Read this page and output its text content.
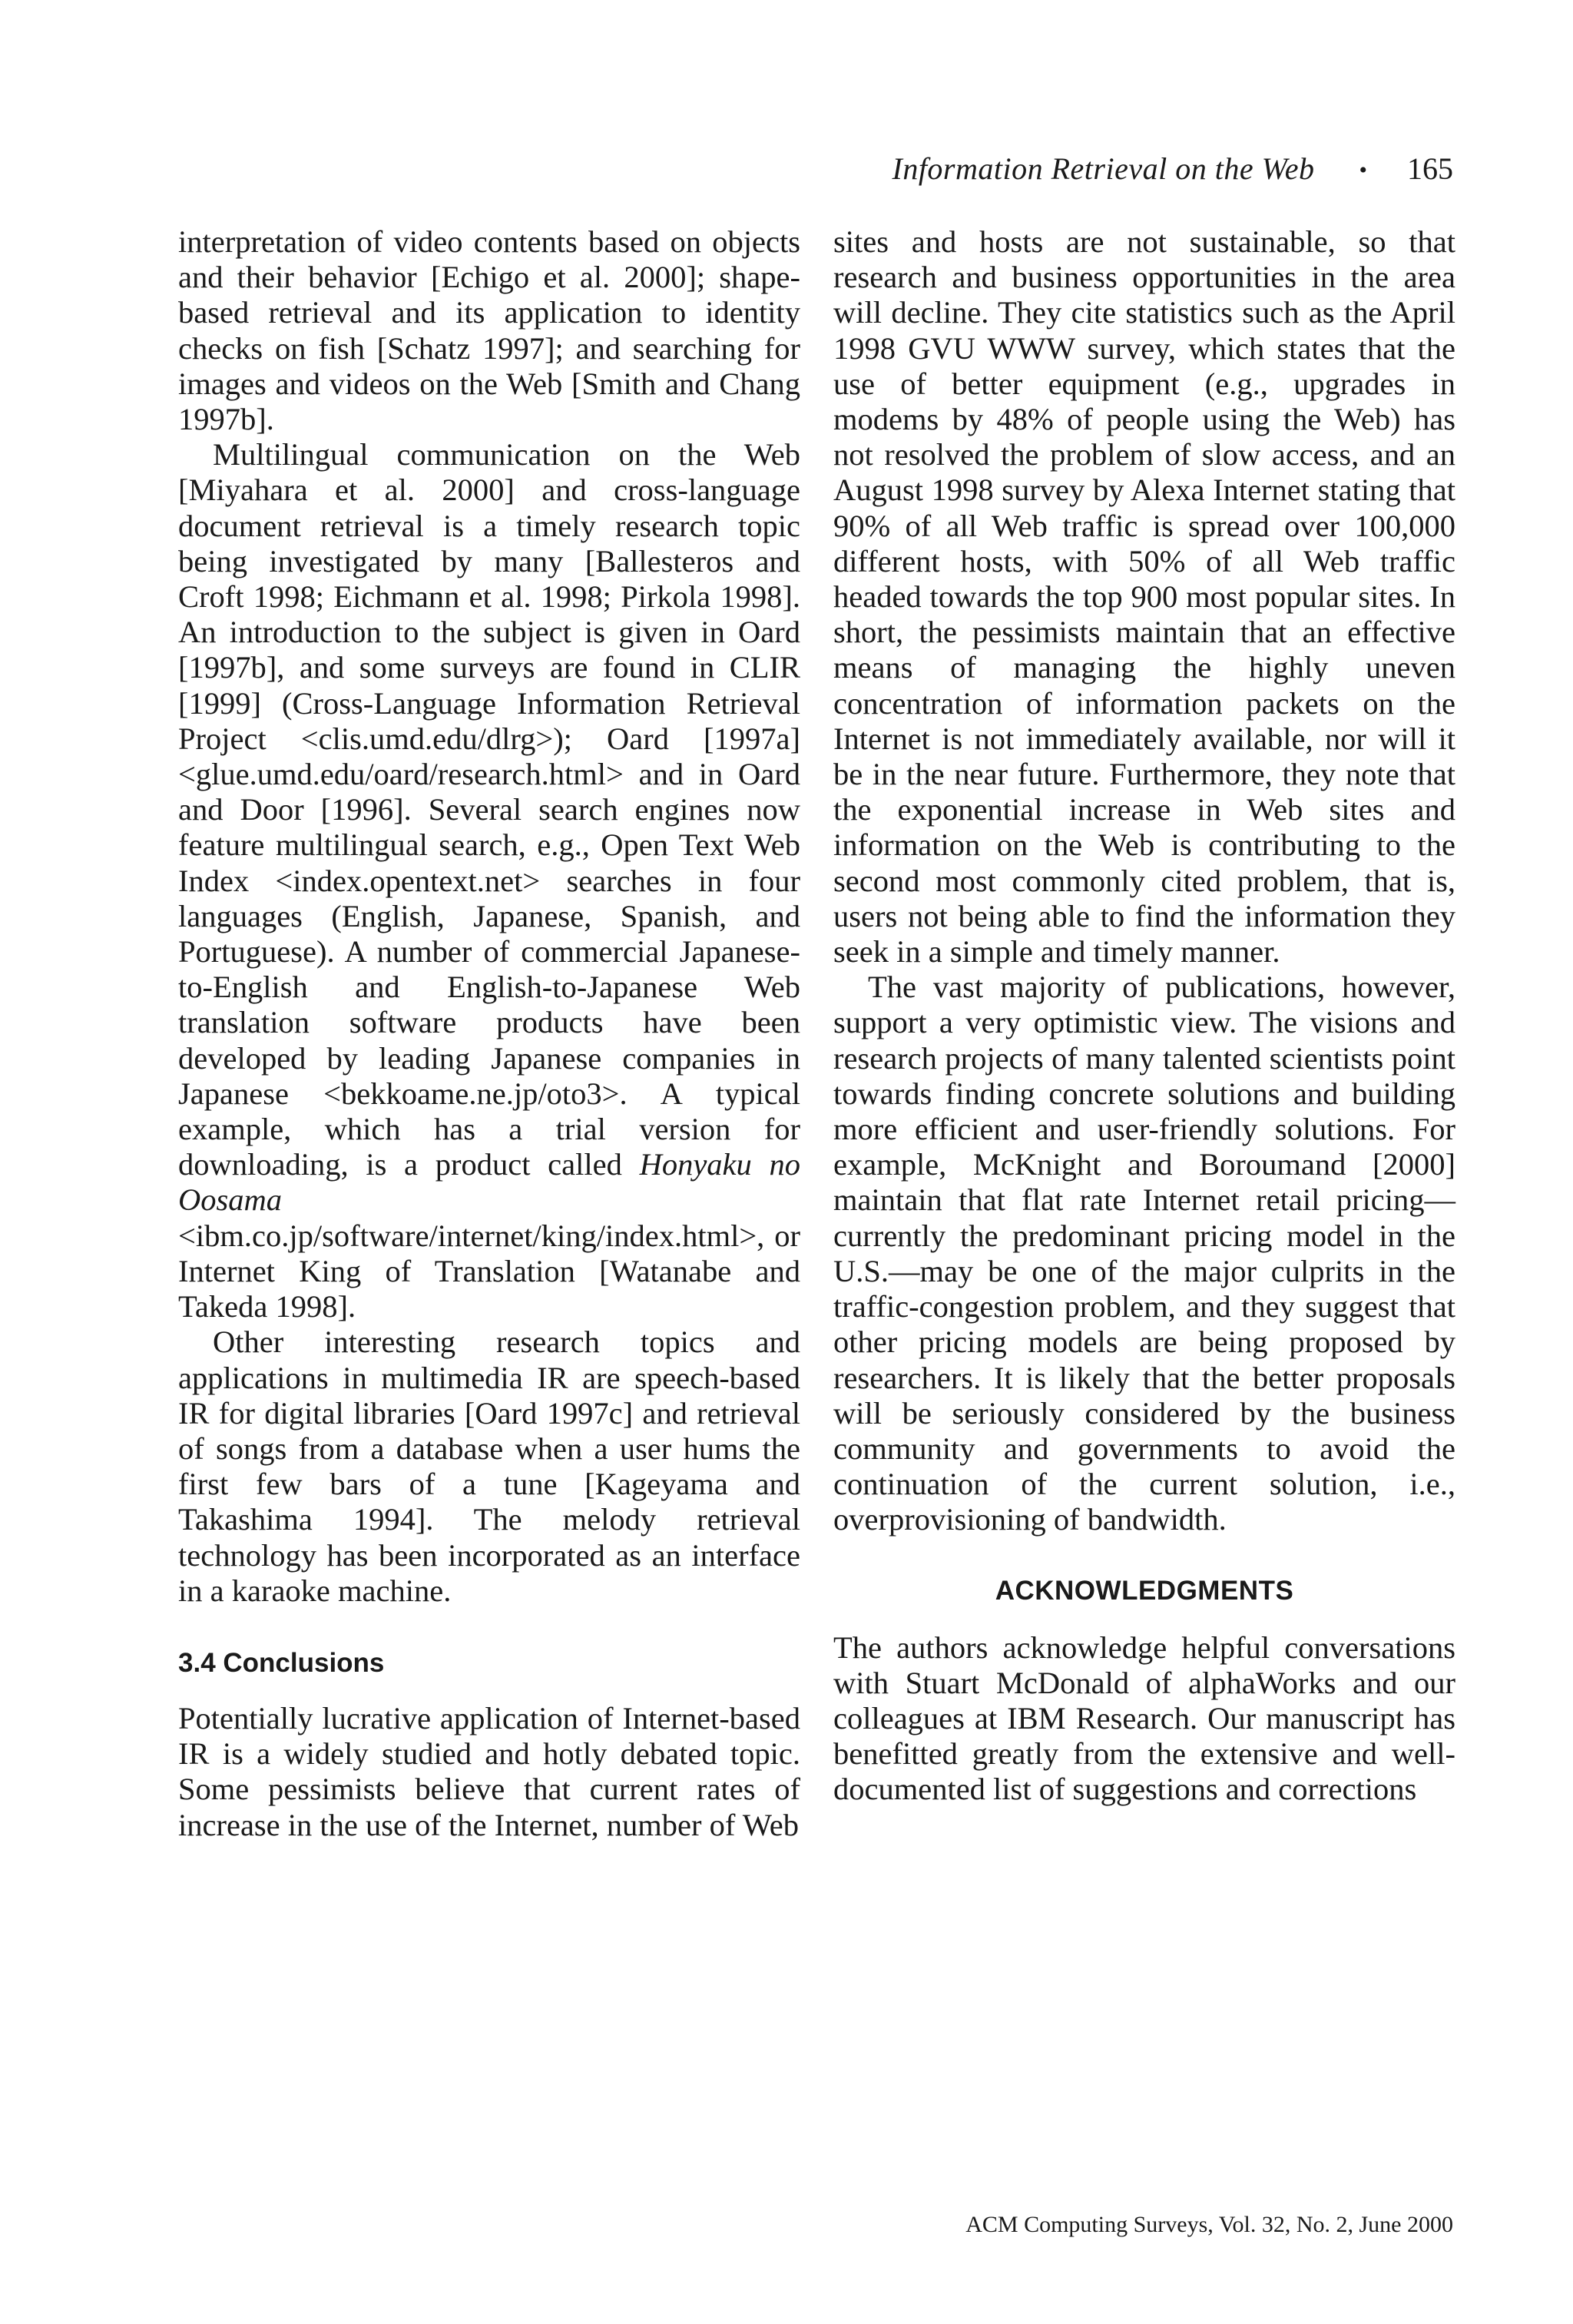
Information Retrieval on the Web • 165

interpretation of video contents based on objects and their behavior [Echigo et al. 2000]; shape-based retrieval and its application to identity checks on fish [Schatz 1997]; and searching for images and videos on the Web [Smith and Chang 1997b].

Multilingual communication on the Web [Miyahara et al. 2000] and cross-language document retrieval is a timely research topic being investigated by many [Ballesteros and Croft 1998; Eichmann et al. 1998; Pirkola 1998]. An introduction to the subject is given in Oard [1997b], and some surveys are found in CLIR [1999] (Cross-Language Information Retrieval Project <clis.umd.edu/dlrg>); Oard [1997a] <glue.umd.edu/oard/research.html> and in Oard and Door [1996]. Several search engines now feature multilingual search, e.g., Open Text Web Index <index.opentext.net> searches in four languages (English, Japanese, Spanish, and Portuguese). A number of commercial Japanese-to-English and English-to-Japanese Web translation software products have been developed by leading Japanese companies in Japanese <bekkoame.ne.jp/oto3>. A typical example, which has a trial version for downloading, is a product called Honyaku no Oosama <ibm.co.jp/software/internet/king/index.html>, or Internet King of Translation [Watanabe and Takeda 1998].

Other interesting research topics and applications in multimedia IR are speech-based IR for digital libraries [Oard 1997c] and retrieval of songs from a database when a user hums the first few bars of a tune [Kageyama and Takashima 1994]. The melody retrieval technology has been incorporated as an interface in a karaoke machine.

3.4 Conclusions

Potentially lucrative application of Internet-based IR is a widely studied and hotly debated topic. Some pessimists believe that current rates of increase in the use of the Internet, number of Web

sites and hosts are not sustainable, so that research and business opportunities in the area will decline. They cite statistics such as the April 1998 GVU WWW survey, which states that the use of better equipment (e.g., upgrades in modems by 48% of people using the Web) has not resolved the problem of slow access, and an August 1998 survey by Alexa Internet stating that 90% of all Web traffic is spread over 100,000 different hosts, with 50% of all Web traffic headed towards the top 900 most popular sites. In short, the pessimists maintain that an effective means of managing the highly uneven concentration of information packets on the Internet is not immediately available, nor will it be in the near future. Furthermore, they note that the exponential increase in Web sites and information on the Web is contributing to the second most commonly cited problem, that is, users not being able to find the information they seek in a simple and timely manner.

The vast majority of publications, however, support a very optimistic view. The visions and research projects of many talented scientists point towards finding concrete solutions and building more efficient and user-friendly solutions. For example, McKnight and Boroumand [2000] maintain that flat rate Internet retail pricing—currently the predominant pricing model in the U.S.—may be one of the major culprits in the traffic-congestion problem, and they suggest that other pricing models are being proposed by researchers. It is likely that the better proposals will be seriously considered by the business community and governments to avoid the continuation of the current solution, i.e., overprovisioning of bandwidth.

ACKNOWLEDGMENTS

The authors acknowledge helpful conversations with Stuart McDonald of alphaWorks and our colleagues at IBM Research. Our manuscript has benefitted greatly from the extensive and well-documented list of suggestions and corrections

ACM Computing Surveys, Vol. 32, No. 2, June 2000
